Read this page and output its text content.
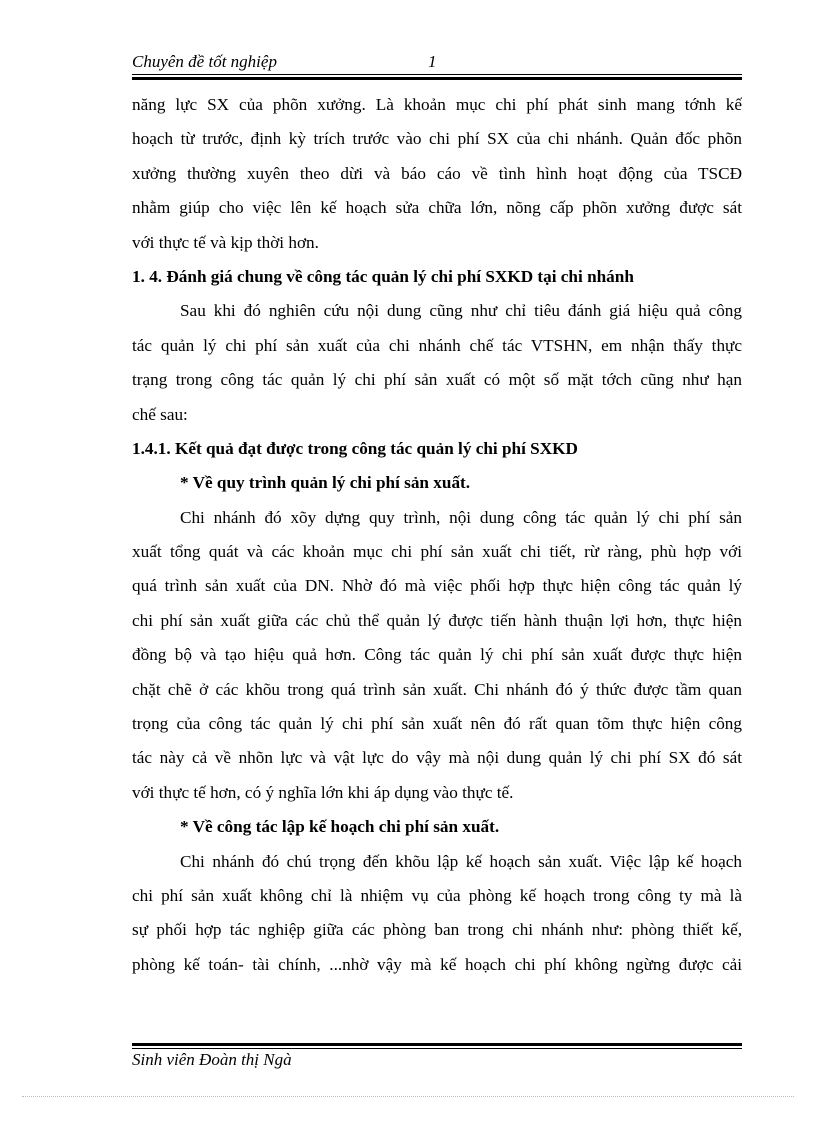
Chuyên đề tốt nghiệp	1
năng lực SX của phõn xưởng. Là khoản mục chi phí phát sinh mang tớnh kế
hoạch từ trước, định kỳ trích trước vào chi phí SX của chi nhánh. Quản đốc phõn
xưởng thường xuyên theo dừi và báo cáo về tình hình hoạt động của TSCĐ
nhằm giúp cho việc lên kế hoạch sửa chữa lớn, nõng cấp phõn xưởng được sát
với thực tế và kịp thời hơn.
1. 4. Đánh giá chung về công tác quản lý chi phí SXKD tại chi nhánh
Sau khi đó nghiên cứu nội dung cũng như chỉ tiêu đánh giá hiệu quả công
tác quản lý chi phí sản xuất của chi nhánh chế tác VTSHN, em nhận thấy thực
trạng trong công tác quản lý chi phí sản xuất có một số mặt tớch cũng như hạn
chế sau:
1.4.1. Kết quả đạt được trong công tác quản lý chi phí SXKD
* Về quy trình quản lý chi phí sản xuất.
Chi nhánh đó xõy dựng quy trình, nội dung công tác quản lý chi phí sản
xuất tổng quát và các khoản mục chi phí sản xuất chi tiết, rừ ràng, phù hợp với
quá trình sản xuất của DN. Nhờ đó mà việc phối hợp thực hiện công tác quản lý
chi phí sản xuất giữa các chủ thể quản lý được tiến hành thuận lợi hơn, thực hiện
đồng bộ và tạo hiệu quả hơn. Công tác quản lý chi phí sản xuất được thực hiện
chặt chẽ ở các khõu trong quá trình sản xuất. Chi nhánh đó ý thức được tầm quan
trọng của công tác quản lý chi phí sản xuất nên đó rất quan tõm thực hiện công
tác này cả về nhõn lực và vật lực do vậy mà nội dung quản lý chi phí SX đó sát
với thực tế hơn, có ý nghĩa lớn khi áp dụng vào thực tế.
* Về công tác lập kế hoạch chi phí sản xuất.
Chi nhánh đó chú trọng đến khõu lập kế hoạch sản xuất. Việc lập kế hoạch
chi phí sản xuất không chỉ là nhiệm vụ của phòng kế hoạch trong công ty mà là
sự phối hợp tác nghiệp giữa các phòng ban trong chi nhánh như: phòng thiết kế,
phòng kế toán- tài chính, ...nhờ vậy mà kế hoạch chi phí không ngừng được cải
Sinh viên Đoàn thị Ngà
